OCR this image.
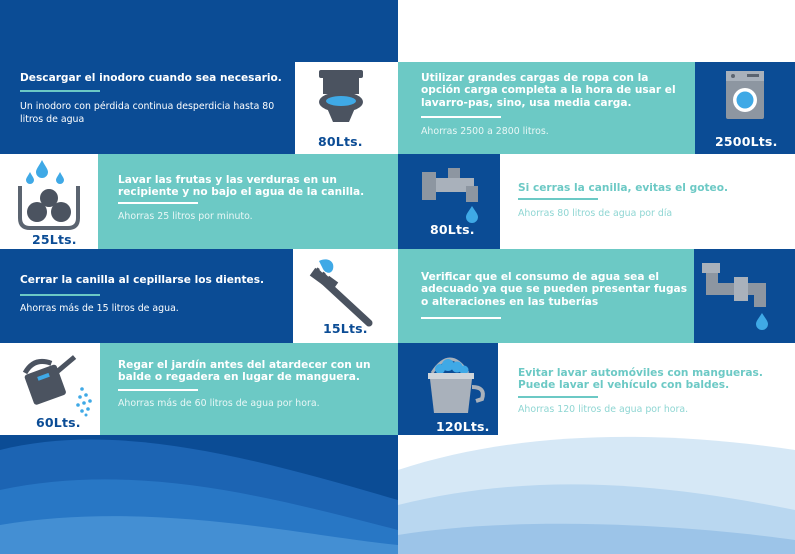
Descargar el inodoro cuando sea necesario.
Un inodoro con pérdida continua desperdicia hasta 80 litros de agua
80Lts.
Utilizar grandes cargas de ropa con la opción carga completa a la hora de usar el lavarro-pas, sino, usa media carga.
Ahorras 2500 a 2800 litros.
2500Lts.
25Lts.
Lavar las frutas y las verduras en un recipiente y no bajo el agua de la canilla.
Ahorras 25 litros por minuto.
80Lts.
Si cerras la canilla, evitas el goteo.
Ahorras 80 litros de agua por día
Cerrar la canilla al cepillarse los dientes.
Ahorras más de 15 litros de agua.
15Lts.
Verificar que el consumo de agua sea el adecuado ya que se pueden presentar fugas o alteraciones en las tuberías
60Lts.
Regar el jardín antes del atardecer con un balde o regadera en lugar de manguera.
Ahorras más de 60 litros de agua por hora.
120Lts.
Evitar lavar automóviles con mangueras. Puede lavar el vehículo con baldes.
Ahorras 120 litros de agua por hora.
